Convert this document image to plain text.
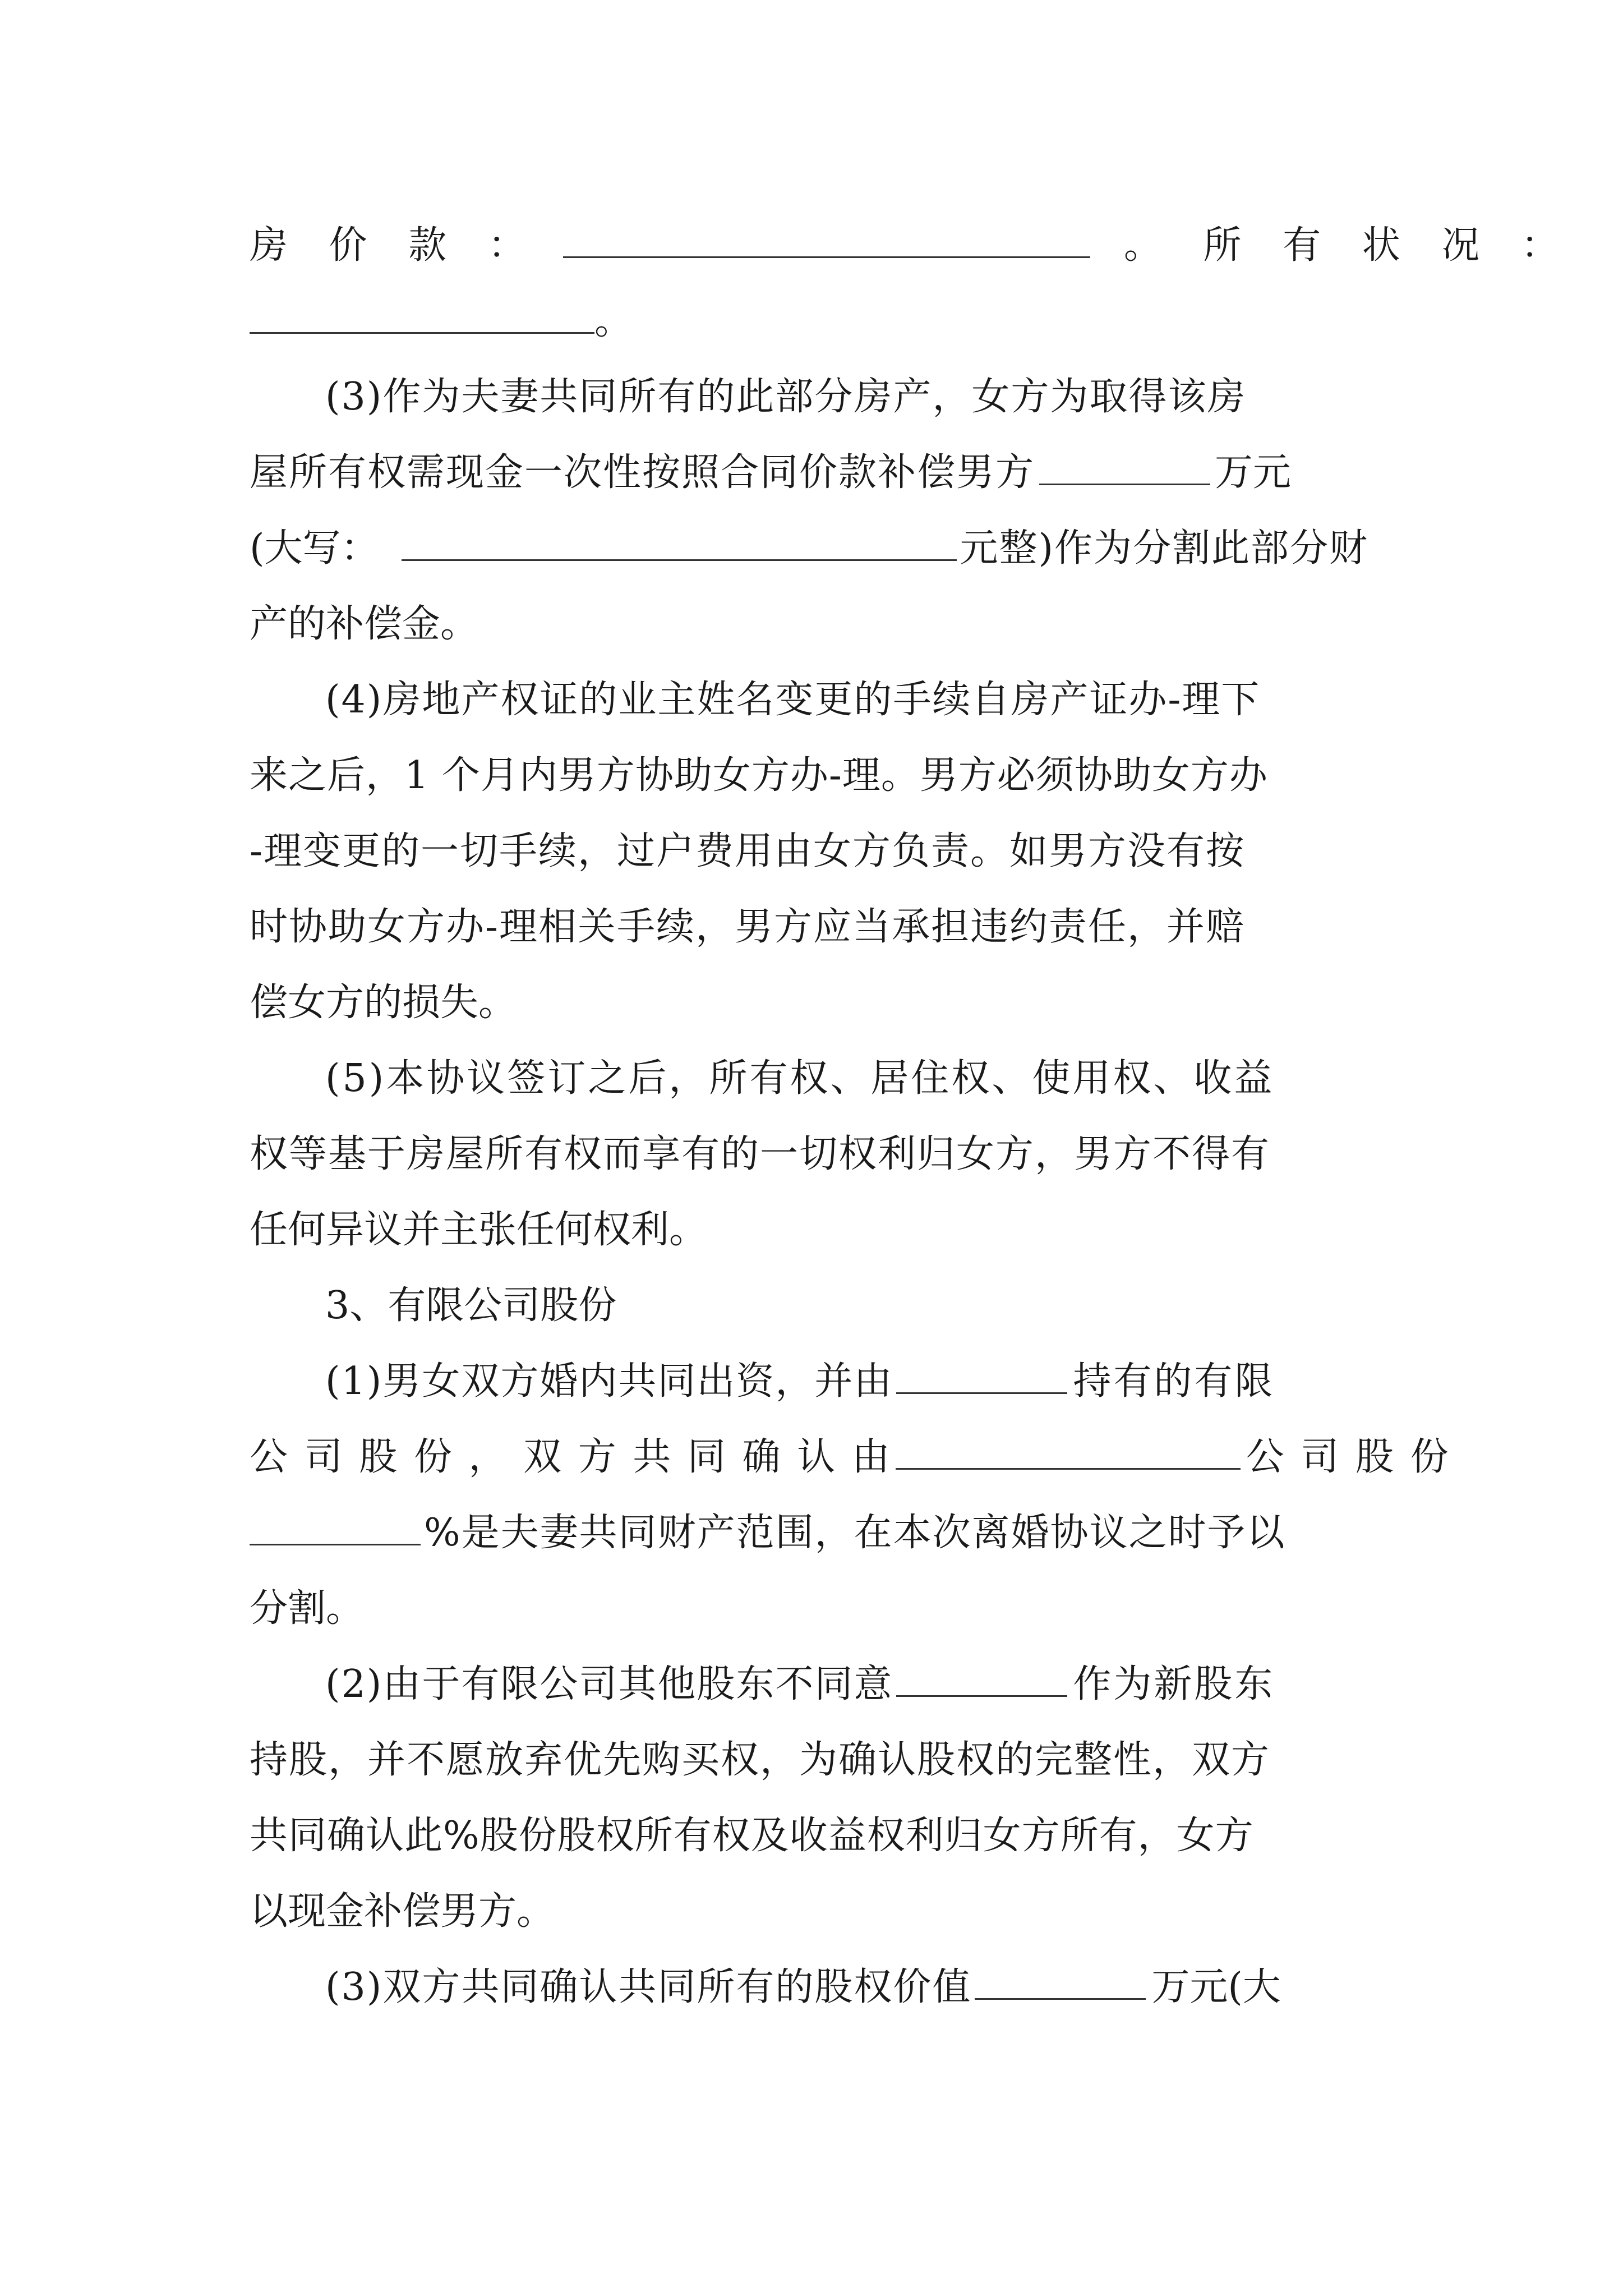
房 价 款 ：	。 所 有 状 况 ：
。
(3)作为夫妻共同所有的此部分房产，女方为取得该房
屋所有权需现金一次性按照合同价款补偿男方	万元
(大写：	元整)作为分割此部分财
产的补偿金。
(4)房地产权证的业主姓名变更的手续自房产证办-理下
来之后，1 个月内男方协助女方办-理。男方必须协助女方办
-理变更的一切手续，过户费用由女方负责。如男方没有按
时协助女方办-理相关手续，男方应当承担违约责任，并赔
偿女方的损失。
(5)本协议签订之后，所有权、居住权、使用权、收益
权等基于房屋所有权而享有的一切权利归女方，男方不得有
任何异议并主张任何权利。
3、有限公司股份
(1)男女双方婚内共同出资，并由	持有的有限
公 司 股 份 ， 双 方 共 同 确 认 由	公 司 股 份
%是夫妻共同财产范围，在本次离婚协议之时予以
分割。
(2)由于有限公司其他股东不同意	作为新股东
持股，并不愿放弃优先购买权，为确认股权的完整性，双方
共同确认此%股份股权所有权及收益权利归女方所有，女方
以现金补偿男方。
(3)双方共同确认共同所有的股权价值	万元(大
